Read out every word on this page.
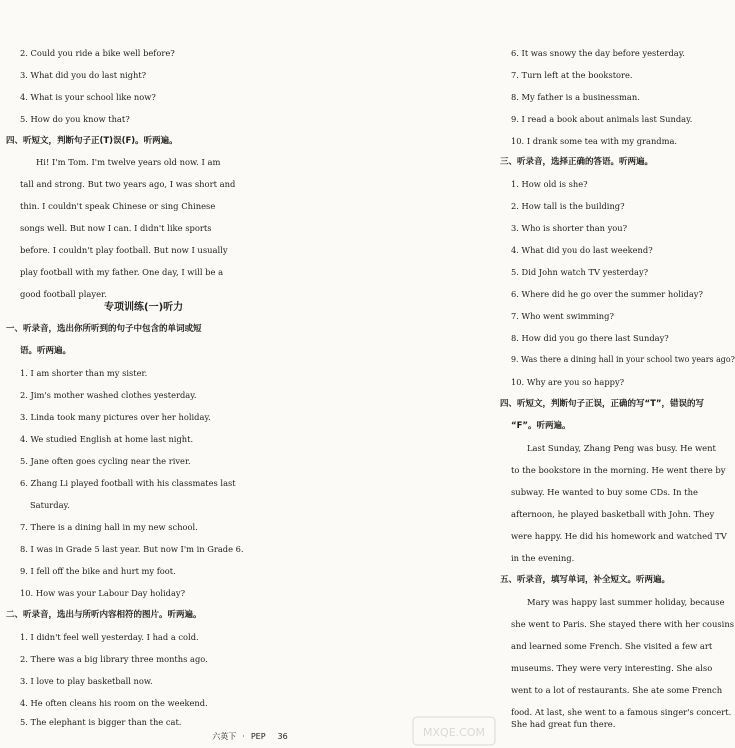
2. Could you ride a bike well before?
3. What did you do last night?
4. What is your school like now?
5. How do you know that?
四、听短文，判断句子正(T)误(F)。听两遍。
Hi! I'm Tom. I'm twelve years old now. I am
tall and strong. But two years ago, I was short and
thin. I couldn't speak Chinese or sing Chinese
songs well. But now I can. I didn't like sports
before. I couldn't play football. But now I usually
play football with my father. One day, I will be a
good football player.
专项训练(一)听力
一、听录音，选出你所听到的句子中包含的单词或短
语。听两遍。
1. I am shorter than my sister.
2. Jim's mother washed clothes yesterday.
3. Linda took many pictures over her holiday.
4. We studied English at home last night.
5. Jane often goes cycling near the river.
6. Zhang Li played football with his classmates last
Saturday.
7. There is a dining hall in my new school.
8. I was in Grade 5 last year. But now I'm in Grade 6.
9. I fell off the bike and hurt my foot.
10. How was your Labour Day holiday?
二、听录音，选出与所听内容相符的图片。听两遍。
1. I didn't feel well yesterday. I had a cold.
2. There was a big library three months ago.
3. I love to play basketball now.
4. He often cleans his room on the weekend.
5. The elephant is bigger than the cat.
6. It was snowy the day before yesterday.
7. Turn left at the bookstore.
8. My father is a businessman.
9. I read a book about animals last Sunday.
10. I drank some tea with my grandma.
三、听录音，选择正确的答语。听两遍。
1. How old is she?
2. How tall is the building?
3. Who is shorter than you?
4. What did you do last weekend?
5. Did John watch TV yesterday?
6. Where did he go over the summer holiday?
7. Who went swimming?
8. How did you go there last Sunday?
9. Was there a dining hall in your school two years ago?
10. Why are you so happy?
四、听短文，判断句子正误，正确的写“T”，错误的写
“F”。听两遍。
Last Sunday, Zhang Peng was busy. He went
to the bookstore in the morning. He went there by
subway. He wanted to buy some CDs. In the
afternoon, he played basketball with John. They
were happy. He did his homework and watched TV
in the evening.
五、听录音，填写单词，补全短文。听两遍。
Mary was happy last summer holiday, because
she went to Paris. She stayed there with her cousins
and learned some French. She visited a few art
museums. They were very interesting. She also
went to a lot of restaurants. She ate some French
food. At last, she went to a famous singer's concert.
She had great fun there.
六英下 · PEP 36	MXQE.COM
